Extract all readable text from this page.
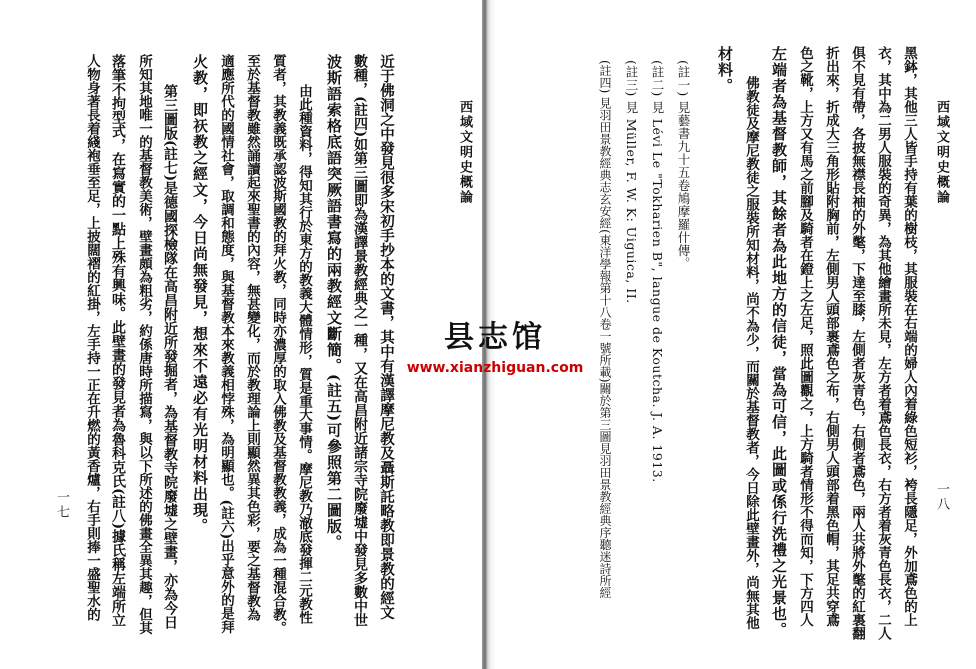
西域文明史概論
一七	近于佛洞之中發見很多宋初手抄本的文書，其中有漢譯摩尼教及聶斯託略教即景教的經文
數種，(註四)如第三圖即為漢譯景教經典之一種，又在高昌附近諸宗寺院廢墟中發見多數中世
波斯語索格底語突厥語書寫的兩教經文斷簡。(註五)可參照第二圖版。
由此種資料，得知其行於東方的教義大體情形，質是重大事情。摩尼教乃澈底發揮二元教性
質者，其教義既承認波斯國教的拜火教，同時亦濃厚的取入佛教及基督教教義，成為一種混合教。
至於基督教雖然誦讀起來聖書的內容，無甚變化，而於教理論上則顯然異其色彩，要之基督教為
適應所代的國情社會，取調和態度，與基督教本來教義相悖殊，為明顯也。(註六)出乎意外的是拜
火教，即祆教之經文，今日尚無發見，想來不遠必有光明材料出現。
第三圖版(註七)是德國探檢隊在高昌附近所發掘者，為基督教寺院廢墟之壁畫，亦為今日
所知其地唯一的基督教美術，壁畫頗為粗劣，約係唐時所描寫，與以下所述的佛畫全異其趣，但其
落筆不拘型式，在寫實的一點上殊有興味。此壁畫的發見者為魯科克氏(註八)據氏稱左端所立
人物身著長着綫袍垂至足，上披闊褶的紅掛，左手持一正在升燃的黃香爐，右手則捧一盛聖水的	西域文明史概論
一八
黑鉢，其他三人皆手持有葉的樹枝，其服裝在右端的婦人內着綠色短衫，袴長隱足，外加鳶色的上
衣，其中為二男人服裝的奇異，為其他繪畫所未見，左方者着鳶色長衣，右方者着灰青色長衣，二人
俱不見有帶，各披無襟長袖的外氅，下達至膝，左側者灰青色，右側者鳶色，兩人共將外氅的紅裏翻
折出來，折成大三角形貼附胸前，左側男人頭部裹鳶色之布，右側男人頭部着黑色帽，其足共穿鳶
色之靴，上方又有馬之前腳及騎者在鐙上之左足，照此圖觀之，上方騎者情形不得而知，下方四人
左端者為基督教師，其餘者為此地方的信徒，當為可信，此圖或係行洗禮之光景也。
佛教徒及摩尼教徒之服裝所知材料，尚不為少，而關於基督教者，今日除此壁畫外，尚無其他
材料。
(註一) 見藝書九十五卷鳩摩羅什傳。
(註二) 見 Lévi Le "Tokharien B", langue de Koutcha. J. A. 1913.
(註三) 見 Müller, F. W. K: Uiguica, II.
(註四) 見羽田景教經典志玄安經(東洋學報第十八卷一號所載)關於第三圖見羽田景教經典序聽迷詩所經
县志馆
www.xianzhiguan.com
